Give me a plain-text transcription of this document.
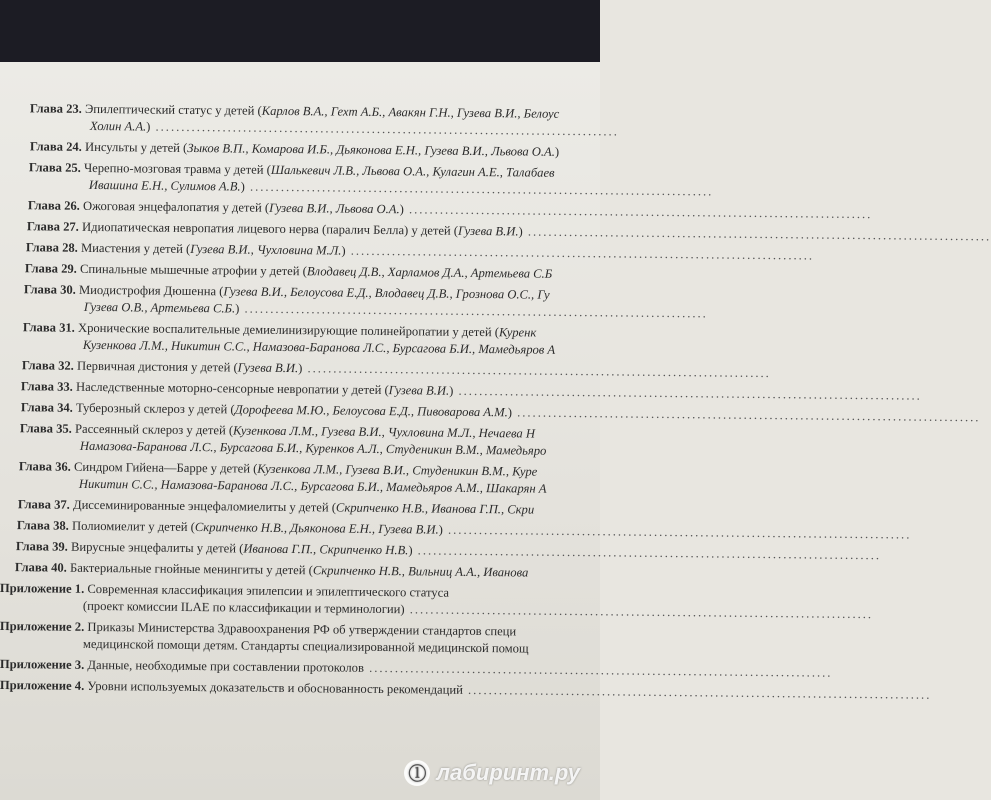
Глава 23. Эпилептический статус у детей (Карлов В.А., Гехт А.Б., Авакян Г.Н., Гузева В.И., Белоус
Холин А.А.) ..........................................................................................
Глава 24. Инсульты у детей (Зыков В.П., Комарова И.Б., Дьяконова Е.Н., Гузева В.И., Львова О.А.)
Глава 25. Черепно-мозговая травма у детей (Шалькевич Л.В., Львова О.А., Кулагин А.Е., Талабаев
Ивашина Е.Н., Сулимов А.В.) ..........................................................................................
Глава 26. Ожоговая энцефалопатия у детей (Гузева В.И., Львова О.А.) ..........................................................................................
Глава 27. Идиопатическая невропатия лицевого нерва (паралич Белла) у детей (Гузева В.И.) ..........................................................................................
Глава 28. Миастения у детей (Гузева В.И., Чухловина М.Л.) ..........................................................................................
Глава 29. Спинальные мышечные атрофии у детей (Влодавец Д.В., Харламов Д.А., Артемьева С.Б
Глава 30. Миодистрофия Дюшенна (Гузева В.И., Белоусова Е.Д., Влодавец Д.В., Грознова О.С., Гу
Гузева О.В., Артемьева С.Б.) ..........................................................................................
Глава 31. Хронические воспалительные демиелинизирующие полинейропатии у детей (Куренк
Кузенкова Л.М., Никитин С.С., Намазова-Баранова Л.С., Бурсагова Б.И., Мамедьяров А
Глава 32. Первичная дистония у детей (Гузева В.И.) ..........................................................................................
Глава 33. Наследственные моторно-сенсорные невропатии у детей (Гузева В.И.) ..........................................................................................
Глава 34. Туберозный склероз у детей (Дорофеева М.Ю., Белоусова Е.Д., Пивоварова А.М.) ..........................................................................................
Глава 35. Рассеянный склероз у детей (Кузенкова Л.М., Гузева В.И., Чухловина М.Л., Нечаева Н
Намазова-Баранова Л.С., Бурсагова Б.И., Куренков А.Л., Студеникин В.М., Мамедьяро
Глава 36. Синдром Гийена—Барре у детей (Кузенкова Л.М., Гузева В.И., Студеникин В.М., Куре
Никитин С.С., Намазова-Баранова Л.С., Бурсагова Б.И., Мамедьяров А.М., Шакарян А
Глава 37. Диссеминированные энцефаломиелиты у детей (Скрипченко Н.В., Иванова Г.П., Скри
Глава 38. Полиомиелит у детей (Скрипченко Н.В., Дьяконова Е.Н., Гузева В.И.) ..........................................................................................
Глава 39. Вирусные энцефалиты у детей (Иванова Г.П., Скрипченко Н.В.) ..........................................................................................
Глава 40. Бактериальные гнойные менингиты у детей (Скрипченко Н.В., Вильниц А.А., Иванова
Приложение 1. Современная классификация эпилепсии и эпилептического статуса
(проект комиссии ILAE по классификации и терминологии) ..........................................................................................
Приложение 2. Приказы Министерства Здравоохранения РФ об утверждении стандартов специ
медицинской помощи детям. Стандарты специализированной медицинской помощ
Приложение 3. Данные, необходимые при составлении протоколов ..........................................................................................
Приложение 4. Уровни используемых доказательств и обоснованность рекомендаций ..........................................................................................
ⓛ лабиринт.ру
